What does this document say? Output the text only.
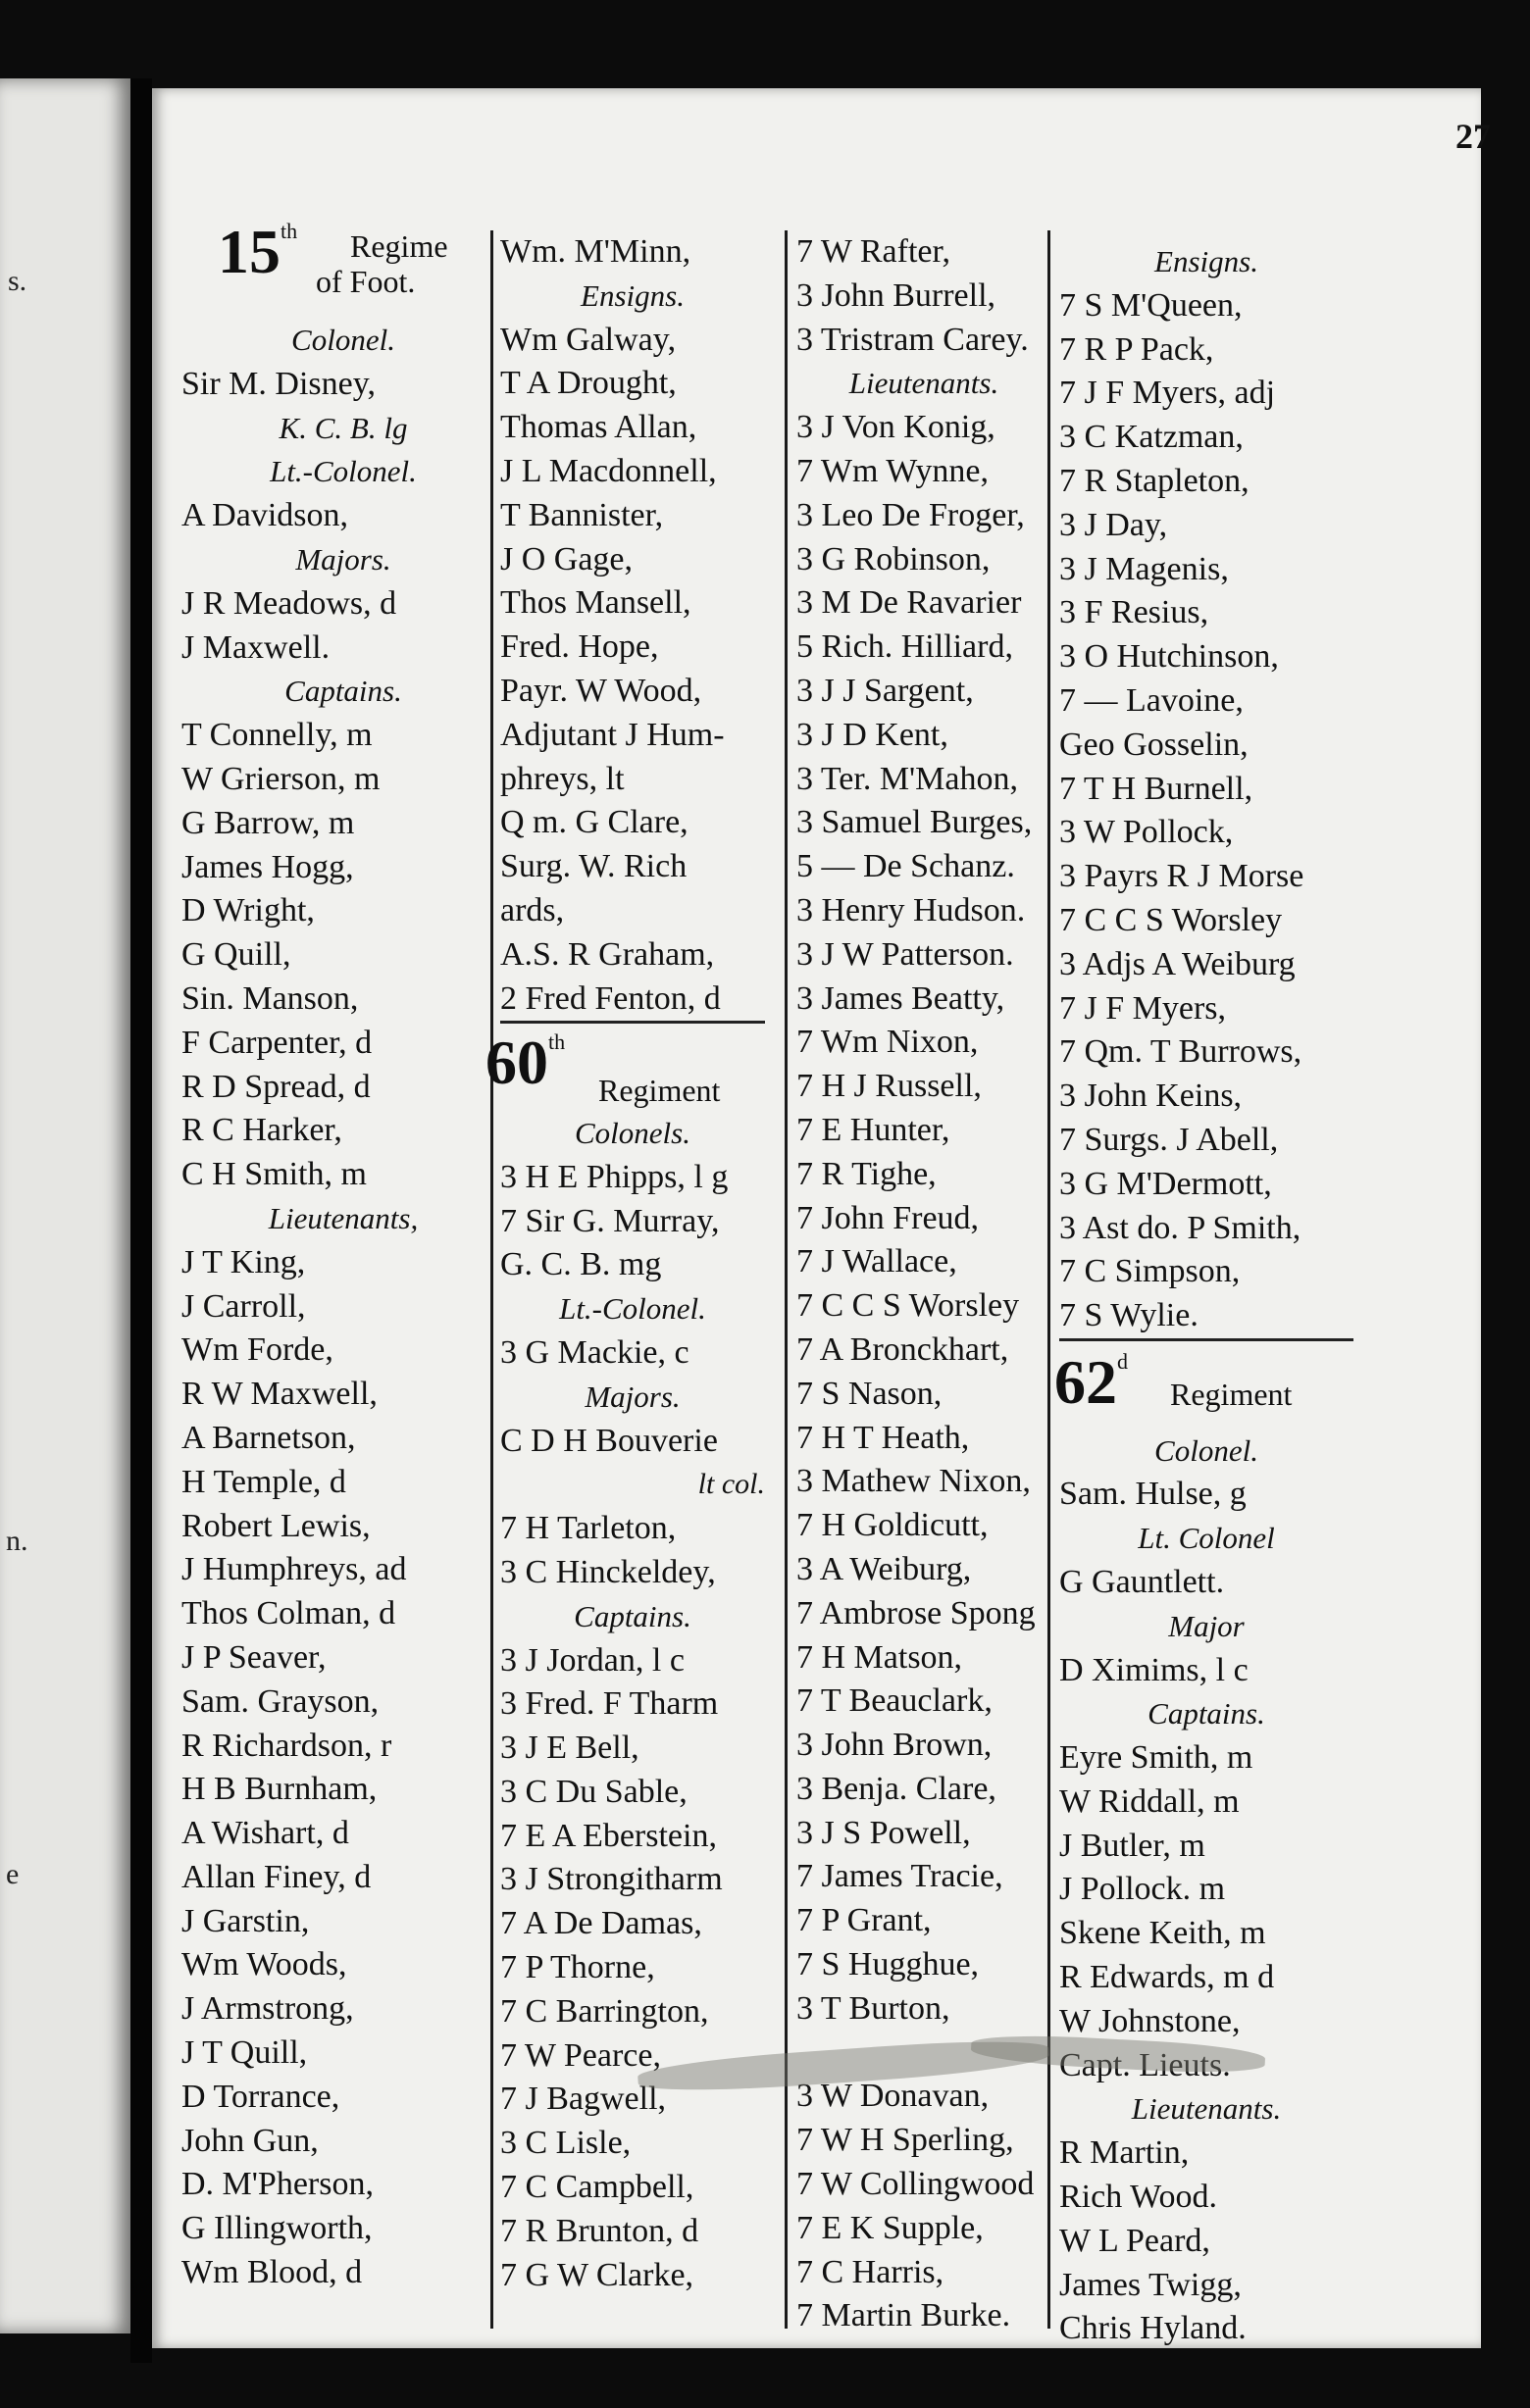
s.
n.
e
27
15th Regime
of Foot.
Colonel.
Sir M. Disney,
K. C. B. lg
Lt.-Colonel.
A Davidson,
Majors.
J R Meadows, d
J Maxwell.
Captains.
T Connelly, m
W Grierson, m
G Barrow, m
James Hogg,
D Wright,
G Quill,
Sin. Manson,
F Carpenter, d
R D Spread, d
R C Harker,
C H Smith, m
Lieutenants,
J T King,
J Carroll,
Wm Forde,
R W Maxwell,
A Barnetson,
H Temple, d
Robert Lewis,
J Humphreys, ad
Thos Colman, d
J P Seaver,
Sam. Grayson,
R Richardson, r
H B Burnham,
A Wishart, d
Allan Finey, d
J Garstin,
Wm Woods,
J Armstrong,
J T Quill,
D Torrance,
John Gun,
D. M'Pherson,
G Illingworth,
Wm Blood, d
Wm. M'Minn,
Ensigns.
Wm Galway,
T A Drought,
Thomas Allan,
J L Macdonnell,
T Bannister,
J O Gage,
Thos Mansell,
Fred. Hope,
Payr. W Wood,
Adjutant J Hum-
phreys, lt
Q m. G Clare,
Surg. W. Rich
ards,
A.S. R Graham,
2 Fred Fenton, d
Colonels.
3 H E Phipps, l g
7 Sir G. Murray,
G. C. B. mg
Lt.-Colonel.
3 G Mackie, c
Majors.
C D H Bouverie
lt col.
7 H Tarleton,
3 C Hinckeldey,
Captains.
3 J Jordan, l c
3 Fred. F Tharm
3 J E Bell,
3 C Du Sable,
7 E A Eberstein,
3 J Strongitharm
7 A De Damas,
7 P Thorne,
7 C Barrington,
7 W Pearce,
7 J Bagwell,
3 C Lisle,
7 C Campbell,
7 R Brunton, d
7 G W Clarke,
7 W Rafter,
3 John Burrell,
3 Tristram Carey.
Lieutenants.
3 J Von Konig,
7 Wm Wynne,
3 Leo De Froger,
3 G Robinson,
3 M De Ravarier
5 Rich. Hilliard,
3 J J Sargent,
3 J D Kent,
3 Ter. M'Mahon,
3 Samuel Burges,
5 — De Schanz.
3 Henry Hudson.
3 J W Patterson.
3 James Beatty,
7 Wm Nixon,
7 H J Russell,
7 E Hunter,
7 R Tighe,
7 John Freud,
7 J Wallace,
7 C C S Worsley
7 A Bronckhart,
7 S Nason,
7 H T Heath,
3 Mathew Nixon,
7 H Goldicutt,
3 A Weiburg,
7 Ambrose Spong
7 H Matson,
7 T Beauclark,
3 John Brown,
3 Benja. Clare,
3 J S Powell,
7 James Tracie,
7 P Grant,
7 S Hugghue,
3 T Burton,
3 W Donavan,
7 W H Sperling,
7 W Collingwood
7 E K Supple,
7 C Harris,
7 Martin Burke.
Ensigns.
7 S M'Queen,
7 R P Pack,
7 J F Myers, adj
3 C Katzman,
7 R Stapleton,
3 J Day,
3 J Magenis,
3 F Resius,
3 O Hutchinson,
7 — Lavoine,
Geo Gosselin,
7 T H Burnell,
3 W Pollock,
3 Payrs R J Morse
7 C C S Worsley
3 Adjs A Weiburg
7 J F Myers,
7 Qm. T Burrows,
3 John Keins,
7 Surgs. J Abell,
3 G M'Dermott,
3 Ast do. P Smith,
7 C Simpson,
7 S Wylie.
Colonel.
Sam. Hulse, g
Lt. Colonel
G Gauntlett.
Major
D Ximims, l c
Captains.
Eyre Smith, m
W Riddall, m
J Butler, m
J Pollock. m
Skene Keith, m
R Edwards, m d
W Johnstone,
Capt. Lieuts.
Lieutenants.
R Martin,
Rich Wood.
W L Peard,
James Twigg,
Chris Hyland.
60th
Regiment
62$^d$
Regiment
